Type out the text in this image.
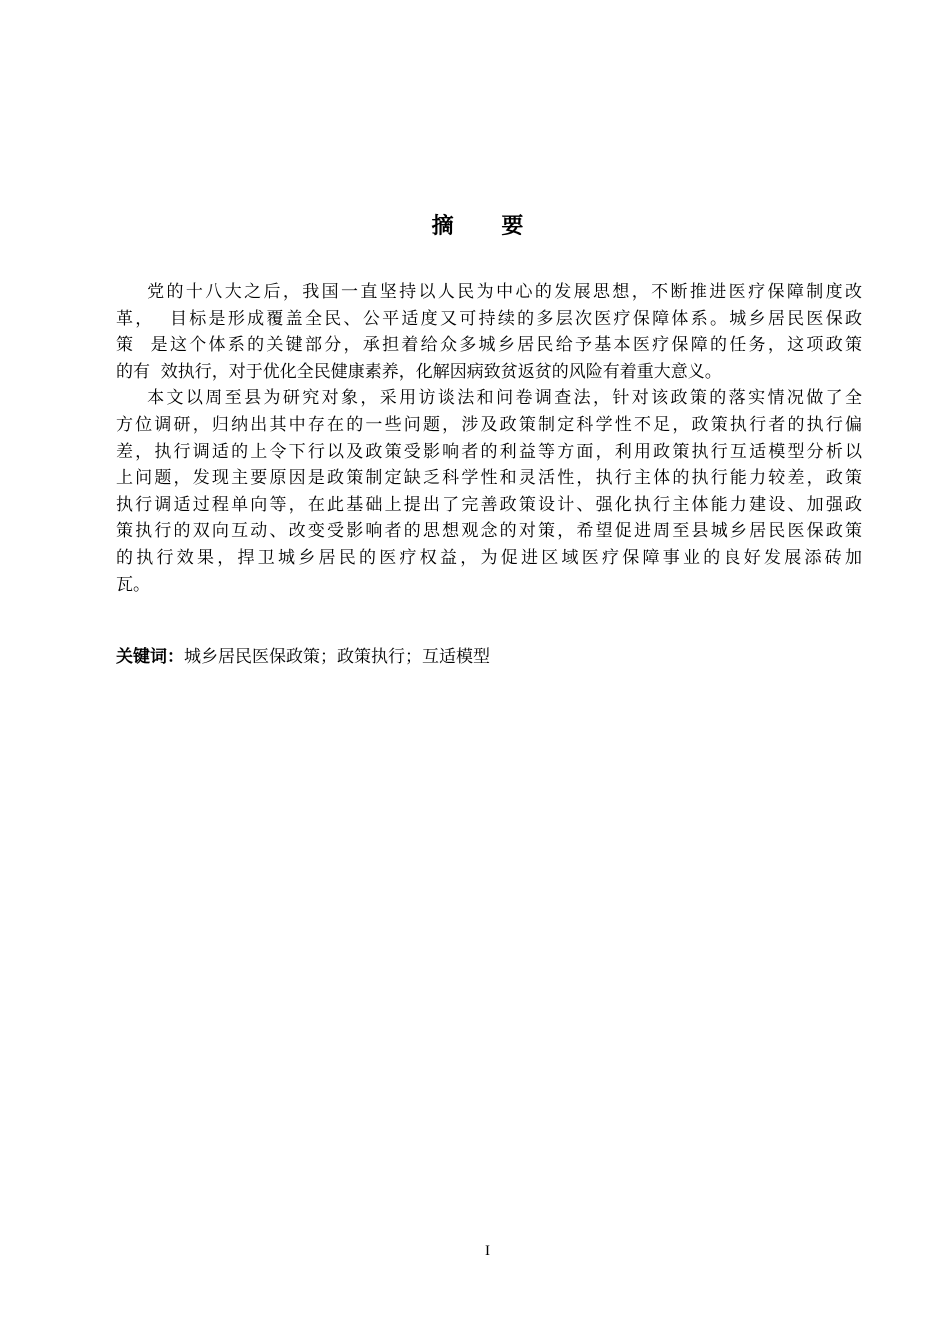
摘 要
党的十八大之后，我国一直坚持以人民为中心的发展思想，不断推进医疗保障制度改
革，  目标是形成覆盖全民、公平适度又可持续的多层次医疗保障体系。城乡居民医保政
策  是这个体系的关键部分，承担着给众多城乡居民给予基本医疗保障的任务，这项政策
的有  效执行，对于优化全民健康素养，化解因病致贫返贫的风险有着重大意义。
本文以周至县为研究对象，采用访谈法和问卷调查法，针对该政策的落实情况做了全
方位调研，归纳出其中存在的一些问题，涉及政策制定科学性不足，政策执行者的执行偏
差，执行调适的上令下行以及政策受影响者的利益等方面，利用政策执行互适模型分析以
上问题，发现主要原因是政策制定缺乏科学性和灵活性，执行主体的执行能力较差，政策
执行调适过程单向等，在此基础上提出了完善政策设计、强化执行主体能力建设、加强政
策执行的双向互动、改变受影响者的思想观念的对策，希望促进周至县城乡居民医保政策
的执行效果，捍卫城乡居民的医疗权益，为促进区域医疗保障事业的良好发展添砖加
瓦。
关键词：城乡居民医保政策；政策执行；互适模型
I
